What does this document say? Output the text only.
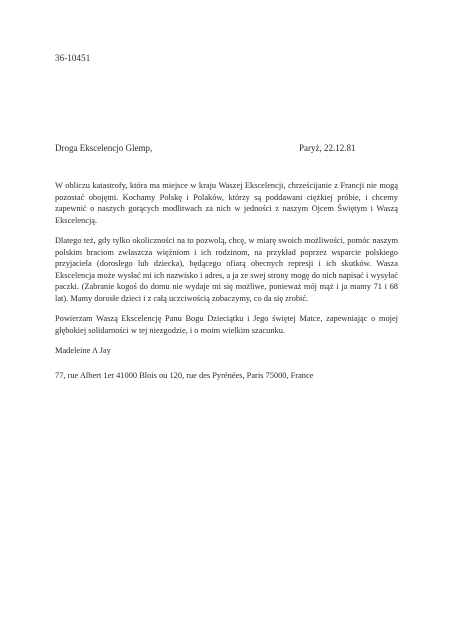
36-10451
Droga Ekscelencjo Glemp,	Paryż, 22.12.81

W obliczu katastrofy, która ma miejsce w kraju Waszej Ekscelencji, chrześcijanie z Francji nie mogą pozostać obojętni. Kochamy Polskę i Polaków, którzy są poddawani ciężkiej próbie, i chcemy zapewnić o naszych gorących modlitwach za nich w jedności z naszym Ojcem Świętym i Waszą Ekscelencją.

Dlatego też, gdy tylko okoliczności na to pozwolą, chcę, w miarę swoich możliwości, pomóc naszym polskim braciom zwłaszcza więźniom i ich rodzinom, na przykład poprzez wsparcie polskiego przyjaciela (dorosłego lub dziecka), będącego ofiarą obecnych represji i ich skutków. Wasza Ekscelencja może wysłać mi ich nazwisko i adres, a ja ze swej strony mogę do nich napisać i wysyłać paczki. (Zabranie kogoś do domu nie wydaje mi się możliwe, ponieważ mój mąż i ja mamy 71 i 68 lat). Mamy dorosłe dzieci i z całą uczciwością zobaczymy, co da się zrobić.

Powierzam Waszą Ekscelencję Panu Bogu Dzieciątku i Jego świętej Matce, zapewniając o mojej głębokiej solidarności w tej niezgodzie, i o moim wielkim szacunku.

Madeleine A Jay
77, rue Albert 1er 41000 Blois ou 120, rue des Pyrénées, Paris 75000, France
